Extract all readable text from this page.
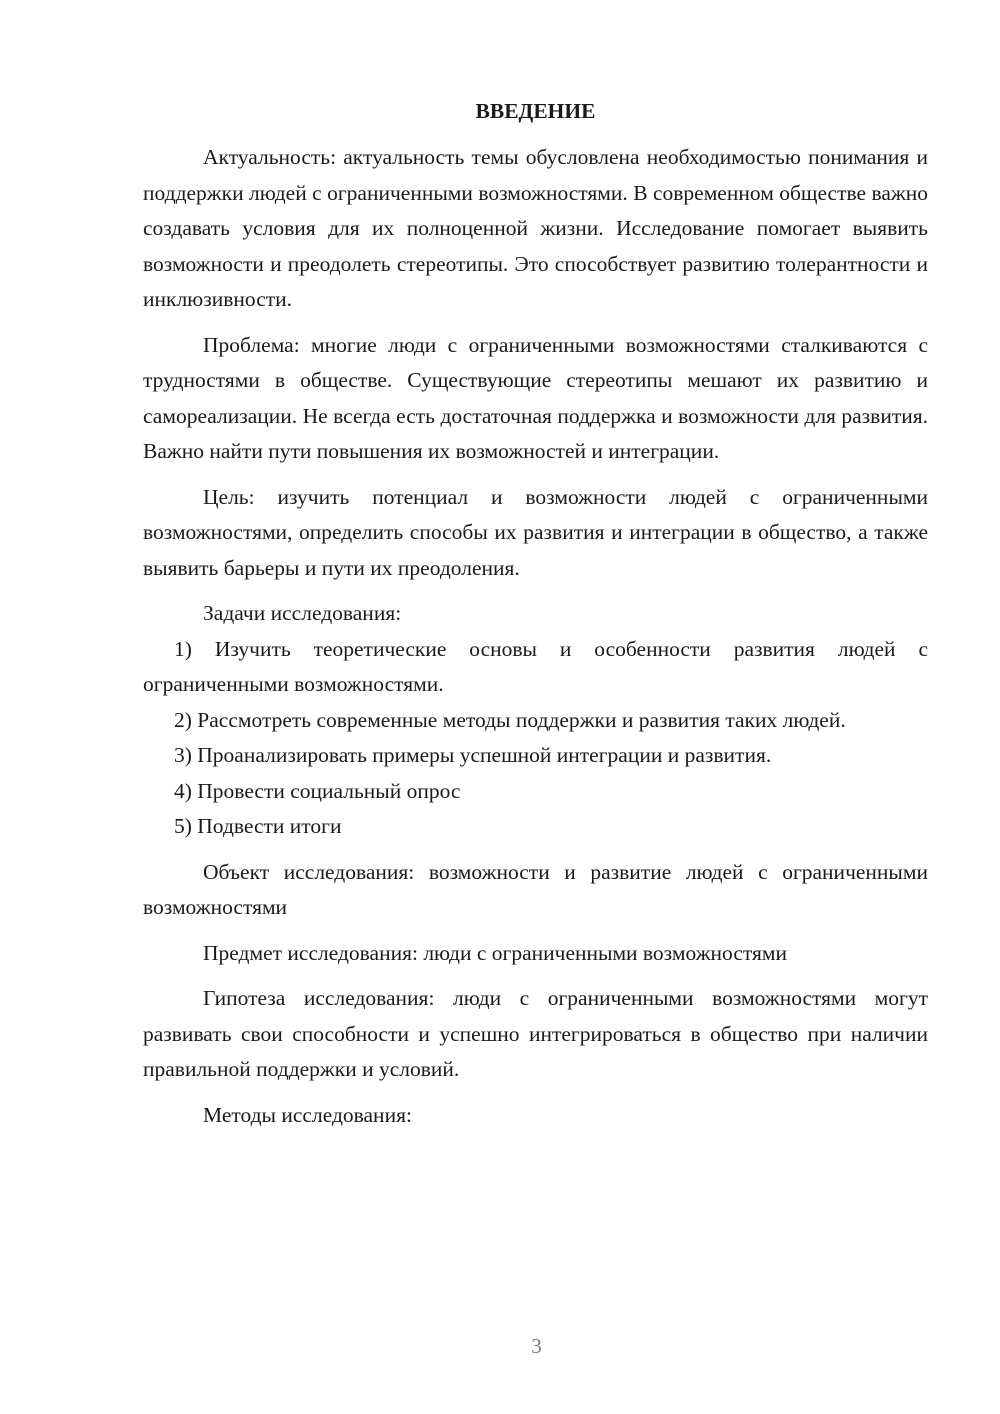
ВВЕДЕНИЕ

Актуальность: актуальность темы обусловлена необходимостью понимания и поддержки людей с ограниченными возможностями. В современном обществе важно создавать условия для их полноценной жизни. Исследование помогает выявить возможности и преодолеть стереотипы. Это способствует развитию толерантности и инклюзивности.

Проблема: многие люди с ограниченными возможностями сталкиваются с трудностями в обществе. Существующие стереотипы мешают их развитию и самореализации. Не всегда есть достаточная поддержка и возможности для развития. Важно найти пути повышения их возможностей и интеграции.

Цель: изучить потенциал и возможности людей с ограниченными возможностями, определить способы их развития и интеграции в общество, а также выявить барьеры и пути их преодоления.

Задачи исследования:

1) Изучить теоретические основы и особенности развития людей с ограниченными возможностями.

2) Рассмотреть современные методы поддержки и развития таких людей.

3) Проанализировать примеры успешной интеграции и развития.

4) Провести социальный опрос

5) Подвести итоги

Объект исследования: возможности и развитие людей с ограниченными возможностями

Предмет исследования: люди с ограниченными возможностями

Гипотеза исследования: люди с ограниченными возможностями могут развивать свои способности и успешно интегрироваться в общество при наличии правильной поддержки и условий.

Методы исследования:

3
